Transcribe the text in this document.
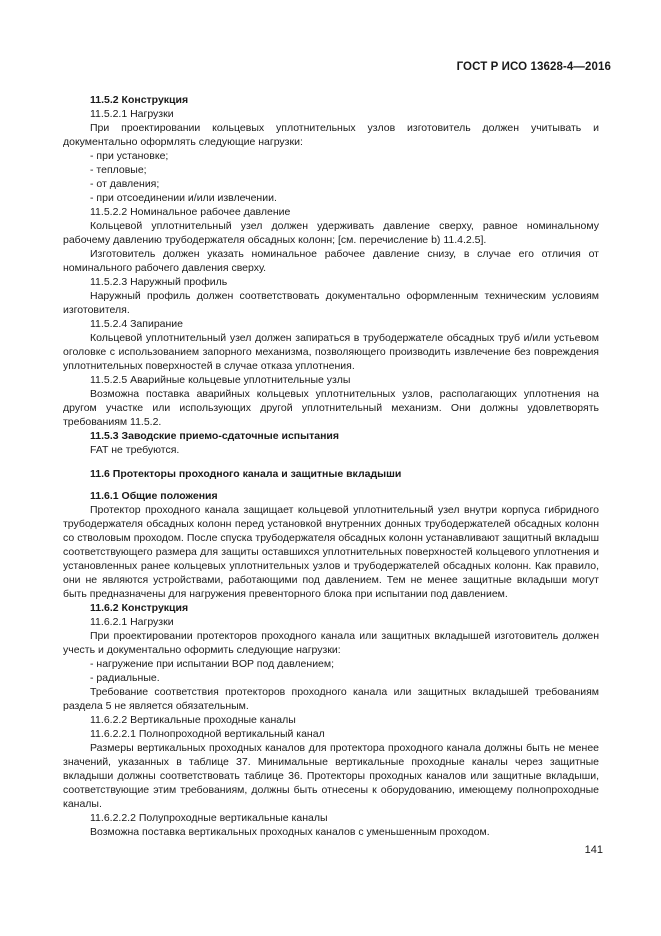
ГОСТ Р ИСО 13628-4—2016

11.5.2 Конструкция

11.5.2.1 Нагрузки

При проектировании кольцевых уплотнительных узлов изготовитель должен учитывать и документально оформлять следующие нагрузки:

- при установке;

- тепловые;

- от давления;

- при отсоединении и/или извлечении.

11.5.2.2 Номинальное рабочее давление

Кольцевой уплотнительный узел должен удерживать давление сверху, равное номинальному рабочему давлению трубодержателя обсадных колонн; [см. перечисление b) 11.4.2.5].

Изготовитель должен указать номинальное рабочее давление снизу, в случае его отличия от номинального рабочего давления сверху.

11.5.2.3 Наружный профиль

Наружный профиль должен соответствовать документально оформленным техническим условиям изготовителя.

11.5.2.4 Запирание

Кольцевой уплотнительный узел должен запираться в трубодержателе обсадных труб и/или устьевом оголовке с использованием запорного механизма, позволяющего производить извлечение без повреждения уплотнительных поверхностей в случае отказа уплотнения.

11.5.2.5 Аварийные кольцевые уплотнительные узлы

Возможна поставка аварийных кольцевых уплотнительных узлов, располагающих уплотнения на другом участке или использующих другой уплотнительный механизм. Они должны удовлетворять требованиям 11.5.2.

11.5.3 Заводские приемо-сдаточные испытания

FAT не требуются.

11.6 Протекторы проходного канала и защитные вкладыши

11.6.1 Общие положения

Протектор проходного канала защищает кольцевой уплотнительный узел внутри корпуса гибридного трубодержателя обсадных колонн перед установкой внутренних донных трубодержателей обсадных колонн со стволовым проходом. После спуска трубодержателя обсадных колонн устанавливают защитный вкладыш соответствующего размера для защиты оставшихся уплотнительных поверхностей кольцевого уплотнения и установленных ранее кольцевых уплотнительных узлов и трубодержателей обсадных колонн. Как правило, они не являются устройствами, работающими под давлением. Тем не менее защитные вкладыши могут быть предназначены для нагружения превенторного блока при испытании под давлением.

11.6.2 Конструкция

11.6.2.1 Нагрузки

При проектировании протекторов проходного канала или защитных вкладышей изготовитель должен учесть и документально оформить следующие нагрузки:

- нагружение при испытании BOP под давлением;

- радиальные.

Требование соответствия протекторов проходного канала или защитных вкладышей требованиям раздела 5 не является обязательным.

11.6.2.2 Вертикальные проходные каналы

11.6.2.2.1 Полнопроходной вертикальный канал

Размеры вертикальных проходных каналов для протектора проходного канала должны быть не менее значений, указанных в таблице 37. Минимальные вертикальные проходные каналы через защитные вкладыши должны соответствовать таблице 36. Протекторы проходных каналов или защитные вкладыши, соответствующие этим требованиям, должны быть отнесены к оборудованию, имеющему полнопроходные каналы.

11.6.2.2.2 Полупроходные вертикальные каналы

Возможна поставка вертикальных проходных каналов с уменьшенным проходом.

141
